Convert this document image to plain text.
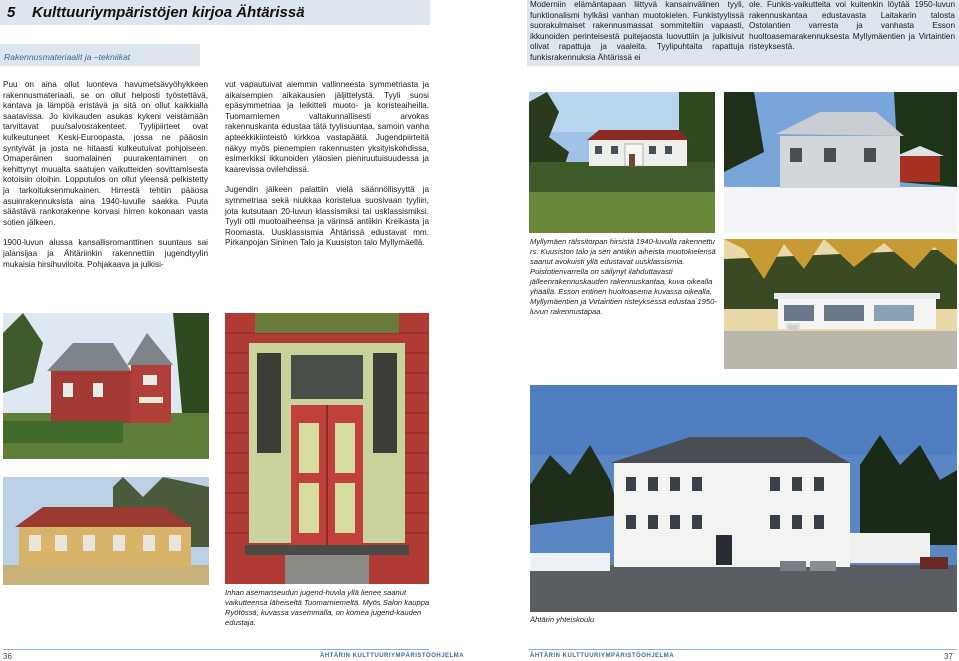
5 Kulttuuriympäristöjen kirjoa Ähtärissä
Rakennusmateriaalit ja –tekniikat
Moderniin elämäntapaan liittyvä kansainvälinen tyyli, funktionalismi hylkäsi vanhan muotokielen. Funkistyylissä suorakulmaiset rakennusmassat sommiteltiin vapaasti, ikkunoiden perinteisestä puitejaosta luovuttiin ja julkisivut olivat rapattuja ja vaaleita. Tyylipuhtaita rapattuja funkisrakennuksia Ähtärissä ei
ole. Funkis-vaikutteita voi kuitenkin löytää 1950-luvun rakennuskantaa edustavasta Laitakarin talosta Ostolantien varresta ja vanhasta Esson huoltoasemarakennuksesta Myllymäentien ja Virtaintien risteyksestä.

Puu on aina ollut luonteva havumetsävyöhykkeen rakennusmateriaali, se on ollut helposti työstettävä, kantava ja lämpöä eristävä ja sitä on ollut kaikkialla saatavissa. Jo kivikauden asukas kykeni veistämään tarvittavat puu/salvosrakenteet. Tyylipiirteet ovat kulkeutuneet Keski-Euroopasta, jossa ne pääosin syntyivät ja josta ne hitaasti kulkeutuivat pohjoiseen. Omaperäinen suomalainen puurakentaminen on kehittynyt muualta saatujen vaikutteiden sovittamisesta kotoisiin oloihin. Lopputulos on ollut yleensä pelkistetty ja tarkoituksenmukainen. Hirrestä tehtiin pääosa asuinrakennuksista aina 1940-luvulle saakka. Puuta säästävä rankorakenne korvasi hirren kokonaan vasta sotien jälkeen.

1900-luvun alussa kansallisromanttinen suuntaus sai jalansijaa ja Ähtäriinkin rakennettiin jugendtyylin mukaisia hirsihuviloita. Pohjakaava ja julkisi-

vut vapautuivat aiemmin vallinneesta symmetriasta ja aikaisempien aikakausien jäljittelystä. Tyyli suosi epäsymmetriaa ja leikitteli muoto- ja koristeaiheilla. Tuomarniemen valtakunnallisesti arvokas rakennuskanta edustaa tätä tyylisuuntaa, samoin vanha apteekkikiinteistö kirkkoa vastapäätä. Jugendpiirteitä näkyy myös pienempien rakennusten yksityiskohdissa, esimerkiksi ikkunoiden yläosien pieniruutuisuudessa ja kaarevissa ovilehdissä.

Jugendin jälkeen palattiin vielä säännöllisyyttä ja symmetriaa sekä niukkaa koristelua suosivaan tyyliin, jota kutsutaan 20-luvun klassismiksi tai usklassismiksi. Tyyli otti muotoaiheensa ja värinsä antiikin Kreikasta ja Roomasta. Uusklassismia Ähtärissä edustavat mm. Pirkanpojan Sininen Talo ja Kuusiston talo Myllymäellä.	Myllymäen rälssitorpan hirsistä 1940-luvulla rakennettu rs. Kuusiston talo ja sen antiikin aiheista muotokielensä saanut avokuisti yllä edustavat uusklassismia. Puistotienvarrella on säilynyt ilahduttavasti jälleenrakennuskauden rakennuskantaa, kuva oikealla yhäällä. Esson entinen huoltoasema kuvassa oikealla, Myllymäentien ja Virtaintien risteyksessä edustaa 1950-luvun rakennustapaa.
Inhan asemanseudun jugend-huvila yllä lienee saanut vaikutteensa läheiseltä Tuomarniemeltä. Myös Salon kauppa Ryötössä, kuvassa vasemmalla, on komea jugend-kauden edustaja.	Ähtärin yhteiskoulu
36	ÄHTÄRIN KULTTUURIYMPÄRISTÖOHJELMA	ÄHTÄRIN KULTTUURIYMPÄRISTÖOHJELMA	37
